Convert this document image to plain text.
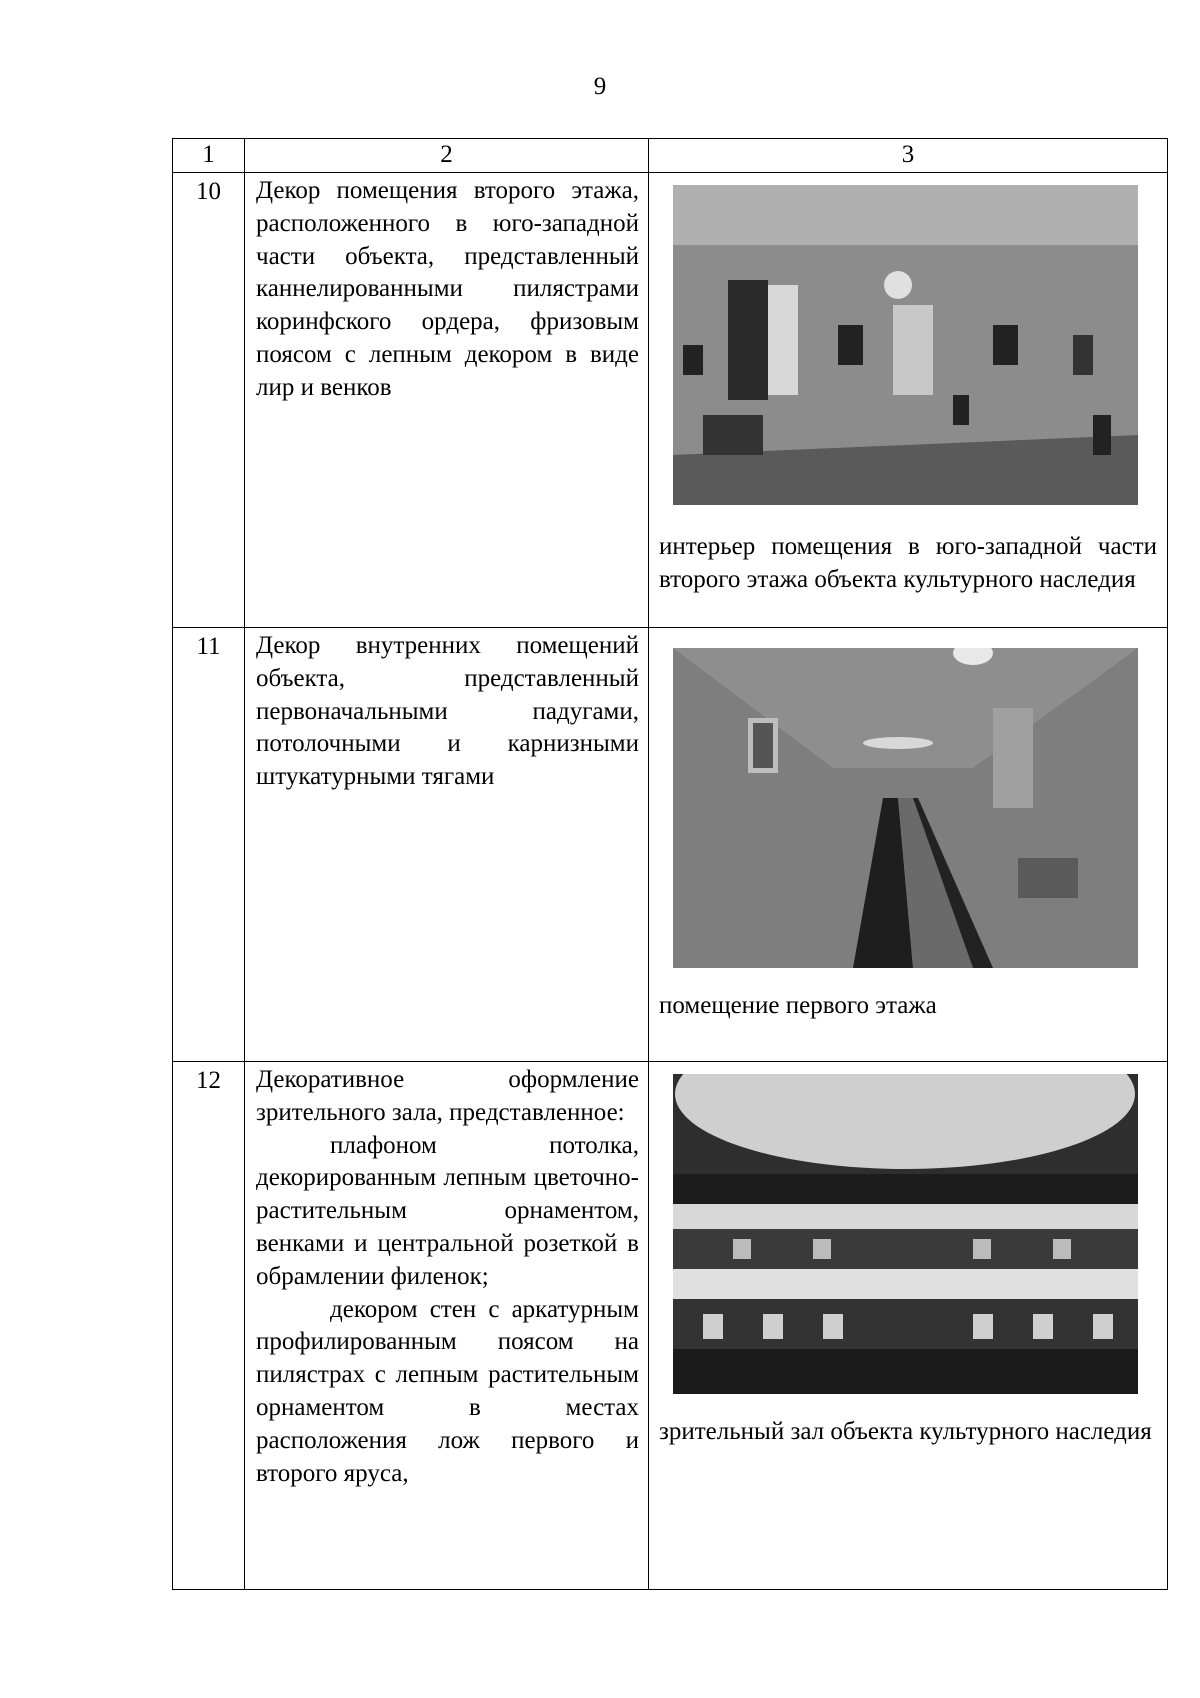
9
1	2	3
10	Декор помещения второго этажа, расположенного в юго-западной части объекта, представленный каннелированными пилястрами коринфского ордера, фризовым поясом с лепным декором в виде лир и венков	интерьер помещения в юго-западной части второго этажа объекта культурного наследия

11	Декор внутренних помещений объекта, представленный первоначальными падугами, потолочными и карнизными штукатурными тягами	помещение первого этажа

12	Декоративное оформление зрительного зала, представленное:

плафоном потолка, декорированным лепным цветочно-растительным орнаментом, венками и центральной розеткой в обрамлении филенок;

декором стен с аркатурным профилированным поясом на пилястрах с лепным растительным орнаментом в местах расположения лож первого и второго яруса,	зрительный зал объекта культурного наследия
